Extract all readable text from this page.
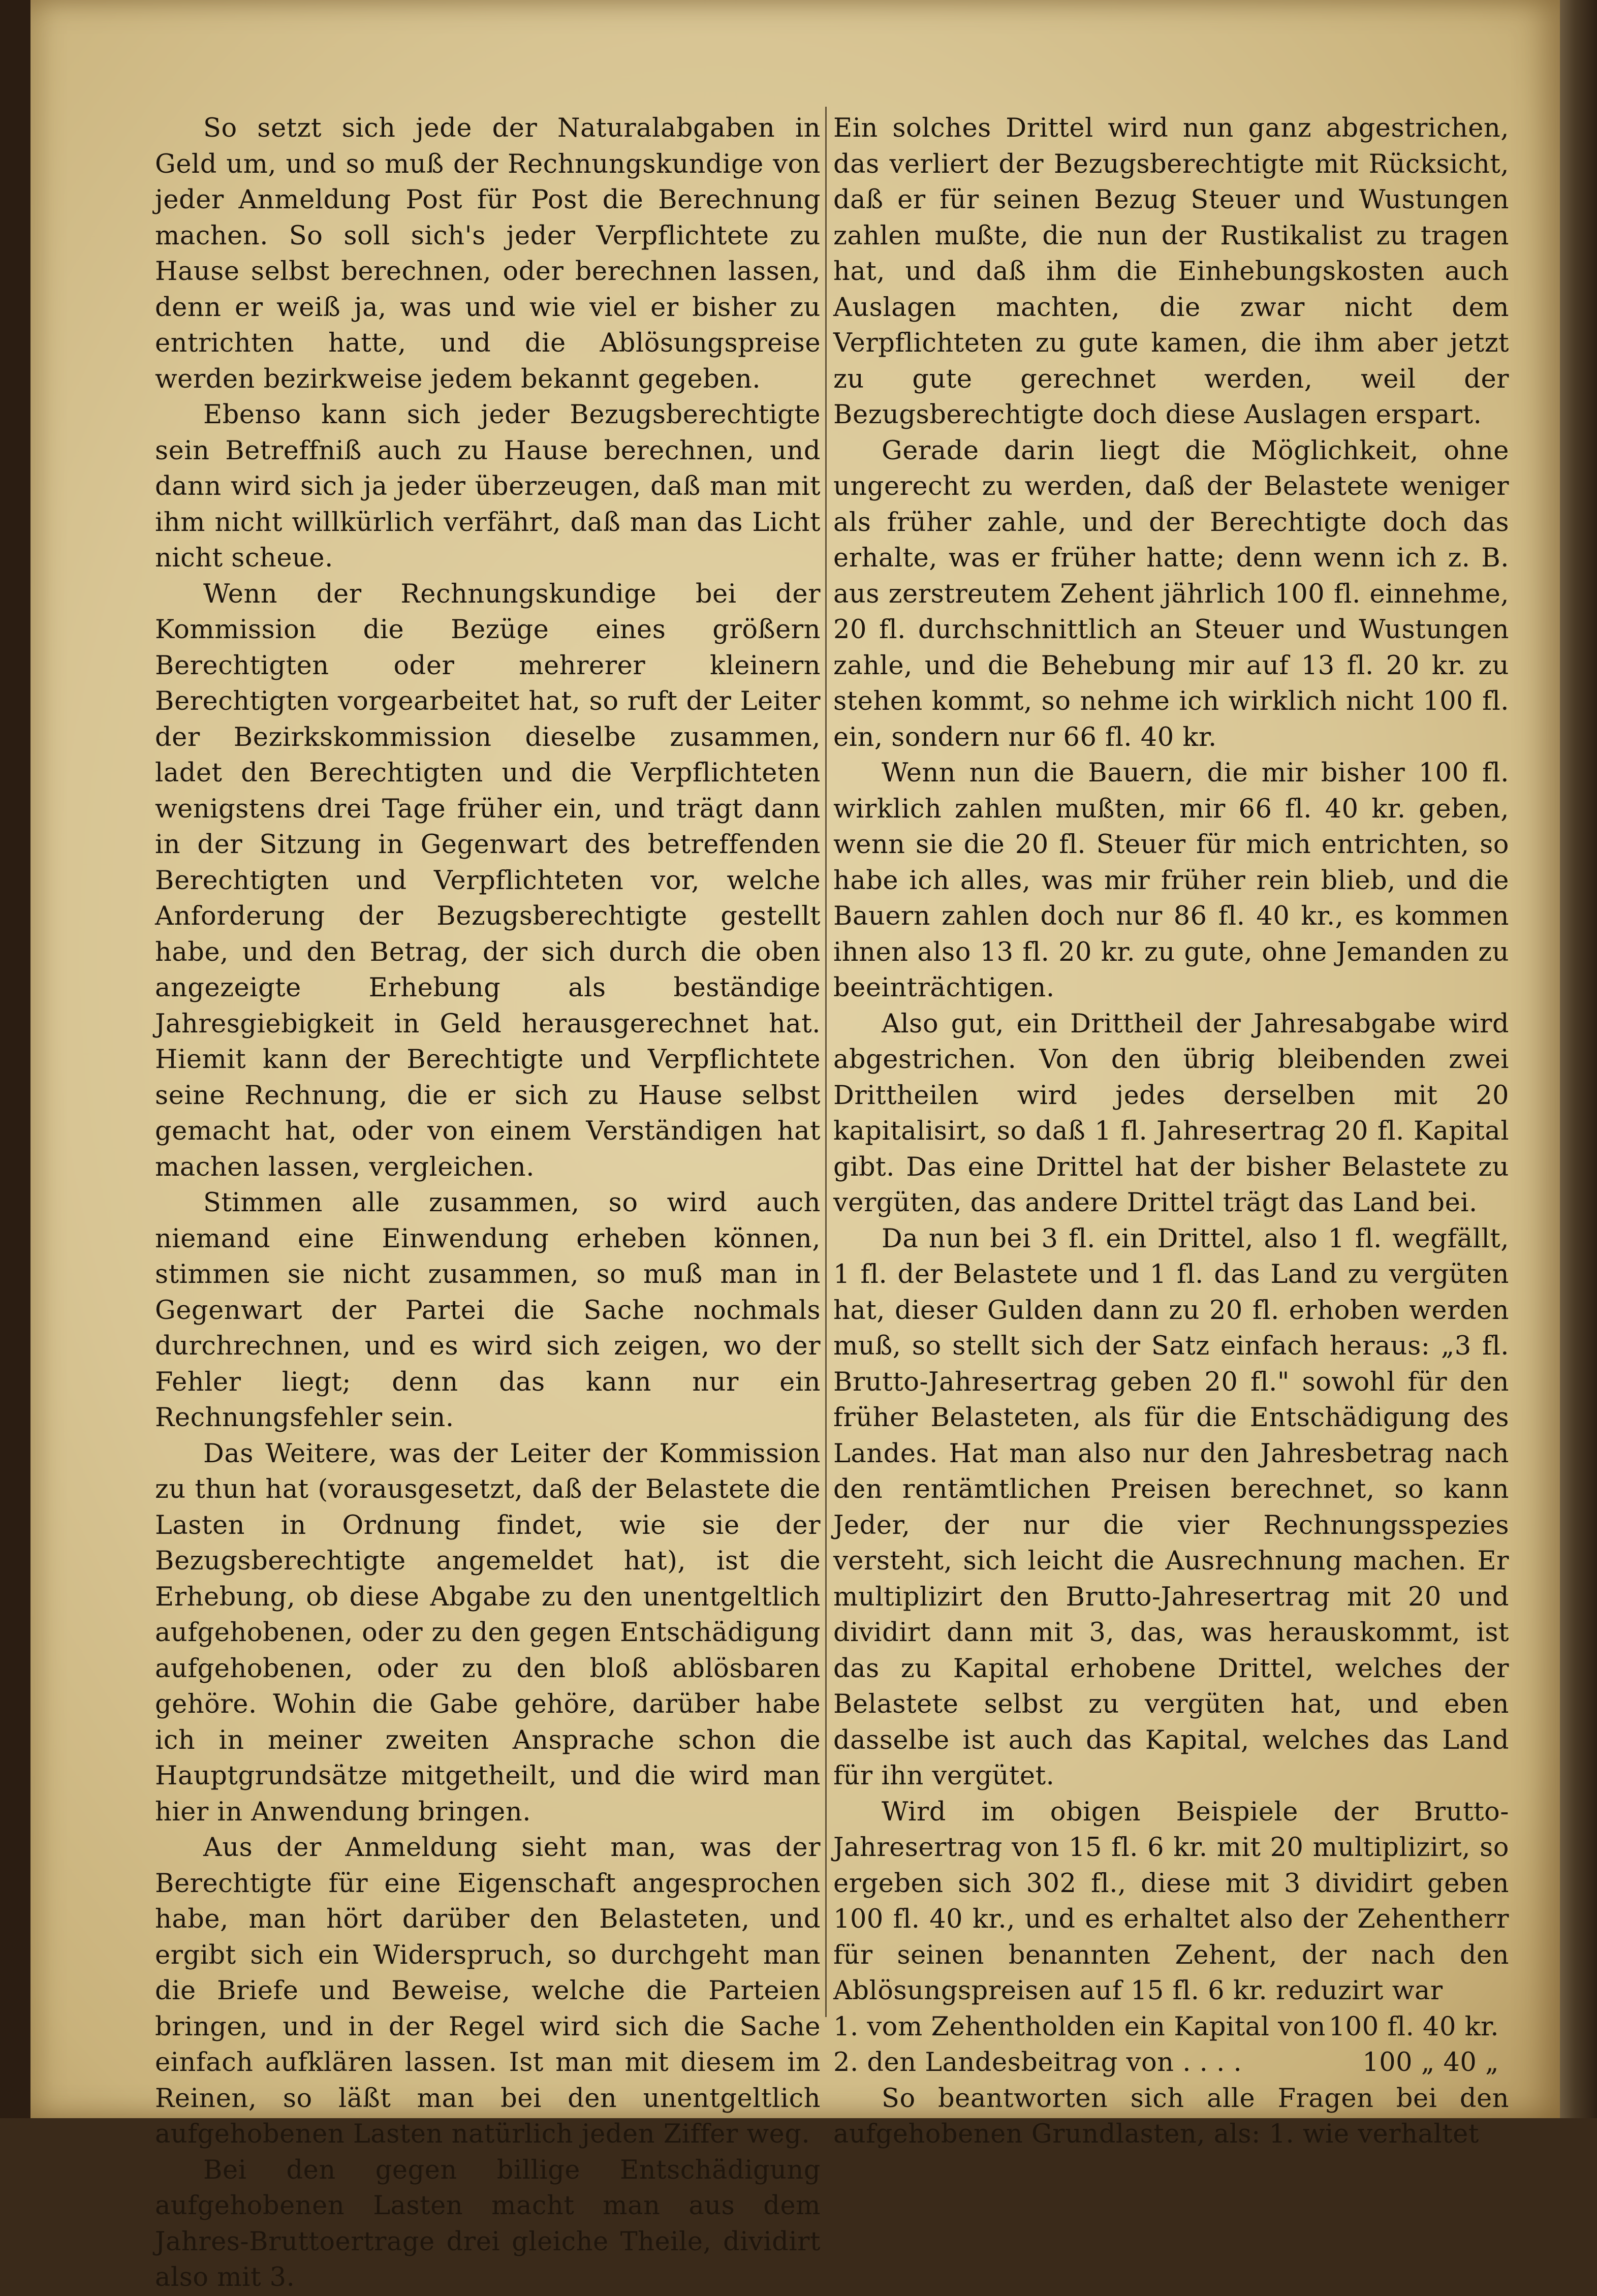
So setzt sich jede der Naturalabgaben in Geld um, und so muß der Rechnungskundige von jeder Anmeldung Post für Post die Berechnung machen. So soll sich's jeder Verpflichtete zu Hause selbst berechnen, oder berechnen lassen, denn er weiß ja, was und wie viel er bisher zu entrichten hatte, und die Ablösungspreise werden bezirkweise jedem bekannt gegeben.

Ebenso kann sich jeder Bezugsberechtigte sein Betreffniß auch zu Hause berechnen, und dann wird sich ja jeder überzeugen, daß man mit ihm nicht willkürlich verfährt, daß man das Licht nicht scheue.

Wenn der Rechnungskundige bei der Kommission die Bezüge eines größern Berechtigten oder mehrerer kleinern Berechtigten vorgearbeitet hat, so ruft der Leiter der Bezirkskommission dieselbe zusammen, ladet den Berechtigten und die Verpflichteten wenigstens drei Tage früher ein, und trägt dann in der Sitzung in Gegenwart des betreffenden Berechtigten und Verpflichteten vor, welche Anforderung der Bezugsberechtigte gestellt habe, und den Betrag, der sich durch die oben angezeigte Erhebung als beständige Jahresgiebigkeit in Geld herausgerechnet hat. Hiemit kann der Berechtigte und Verpflichtete seine Rechnung, die er sich zu Hause selbst gemacht hat, oder von einem Verständigen hat machen lassen, vergleichen.

Stimmen alle zusammen, so wird auch niemand eine Einwendung erheben können, stimmen sie nicht zusammen, so muß man in Gegenwart der Partei die Sache nochmals durchrechnen, und es wird sich zeigen, wo der Fehler liegt; denn das kann nur ein Rechnungsfehler sein.

Das Weitere, was der Leiter der Kommission zu thun hat (vorausgesetzt, daß der Belastete die Lasten in Ordnung findet, wie sie der Bezugsberechtigte angemeldet hat), ist die Erhebung, ob diese Abgabe zu den unentgeltlich aufgehobenen, oder zu den gegen Entschädigung aufgehobenen, oder zu den bloß ablösbaren gehöre. Wohin die Gabe gehöre, darüber habe ich in meiner zweiten Ansprache schon die Hauptgrundsätze mitgetheilt, und die wird man hier in Anwendung bringen.

Aus der Anmeldung sieht man, was der Berechtigte für eine Eigenschaft angesprochen habe, man hört darüber den Belasteten, und ergibt sich ein Widerspruch, so durchgeht man die Briefe und Beweise, welche die Parteien bringen, und in der Regel wird sich die Sache einfach aufklären lassen. Ist man mit diesem im Reinen, so läßt man bei den unentgeltlich aufgehobenen Lasten natürlich jeden Ziffer weg.

Bei den gegen billige Entschädigung aufgehobenen Lasten macht man aus dem Jahres-Bruttoertrage drei gleiche Theile, dividirt also mit 3.

Ein solches Drittel wird nun ganz abgestrichen, das verliert der Bezugsberechtigte mit Rücksicht, daß er für seinen Bezug Steuer und Wustungen zahlen mußte, die nun der Rustikalist zu tragen hat, und daß ihm die Einhebungskosten auch Auslagen machten, die zwar nicht dem Verpflichteten zu gute kamen, die ihm aber jetzt zu gute gerechnet werden, weil der Bezugsberechtigte doch diese Auslagen erspart.

Gerade darin liegt die Möglichkeit, ohne ungerecht zu werden, daß der Belastete weniger als früher zahle, und der Berechtigte doch das erhalte, was er früher hatte; denn wenn ich z. B. aus zerstreutem Zehent jährlich 100 fl. einnehme, 20 fl. durchschnittlich an Steuer und Wustungen zahle, und die Behebung mir auf 13 fl. 20 kr. zu stehen kommt, so nehme ich wirklich nicht 100 fl. ein, sondern nur 66 fl. 40 kr.

Wenn nun die Bauern, die mir bisher 100 fl. wirklich zahlen mußten, mir 66 fl. 40 kr. geben, wenn sie die 20 fl. Steuer für mich entrichten, so habe ich alles, was mir früher rein blieb, und die Bauern zahlen doch nur 86 fl. 40 kr., es kommen ihnen also 13 fl. 20 kr. zu gute, ohne Jemanden zu beeinträchtigen.

Also gut, ein Drittheil der Jahresabgabe wird abgestrichen. Von den übrig bleibenden zwei Drittheilen wird jedes derselben mit 20 kapitalisirt, so daß 1 fl. Jahresertrag 20 fl. Kapital gibt. Das eine Drittel hat der bisher Belastete zu vergüten, das andere Drittel trägt das Land bei.

Da nun bei 3 fl. ein Drittel, also 1 fl. wegfällt, 1 fl. der Belastete und 1 fl. das Land zu vergüten hat, dieser Gulden dann zu 20 fl. erhoben werden muß, so stellt sich der Satz einfach heraus: „3 fl. Brutto-Jahresertrag geben 20 fl." sowohl für den früher Belasteten, als für die Entschädigung des Landes. Hat man also nur den Jahresbetrag nach den rentämtlichen Preisen berechnet, so kann Jeder, der nur die vier Rechnungsspezies versteht, sich leicht die Ausrechnung machen. Er multiplizirt den Brutto-Jahresertrag mit 20 und dividirt dann mit 3, das, was herauskommt, ist das zu Kapital erhobene Drittel, welches der Belastete selbst zu vergüten hat, und eben dasselbe ist auch das Kapital, welches das Land für ihn vergütet.

Wird im obigen Beispiele der Brutto-Jahresertrag von 15 fl. 6 kr. mit 20 multiplizirt, so ergeben sich 302 fl., diese mit 3 dividirt geben 100 fl. 40 kr., und es erhaltet also der Zehentherr für seinen benannten Zehent, der nach den Ablösungspreisen auf 15 fl. 6 kr. reduzirt war

1. vom Zehentholden ein Kapital von 100 fl. 40 kr.
2. den Landesbeitrag von . . . .	100 „ 40 „

So beantworten sich alle Fragen bei den aufgehobenen Grundlasten, als: 1. wie verhaltet
